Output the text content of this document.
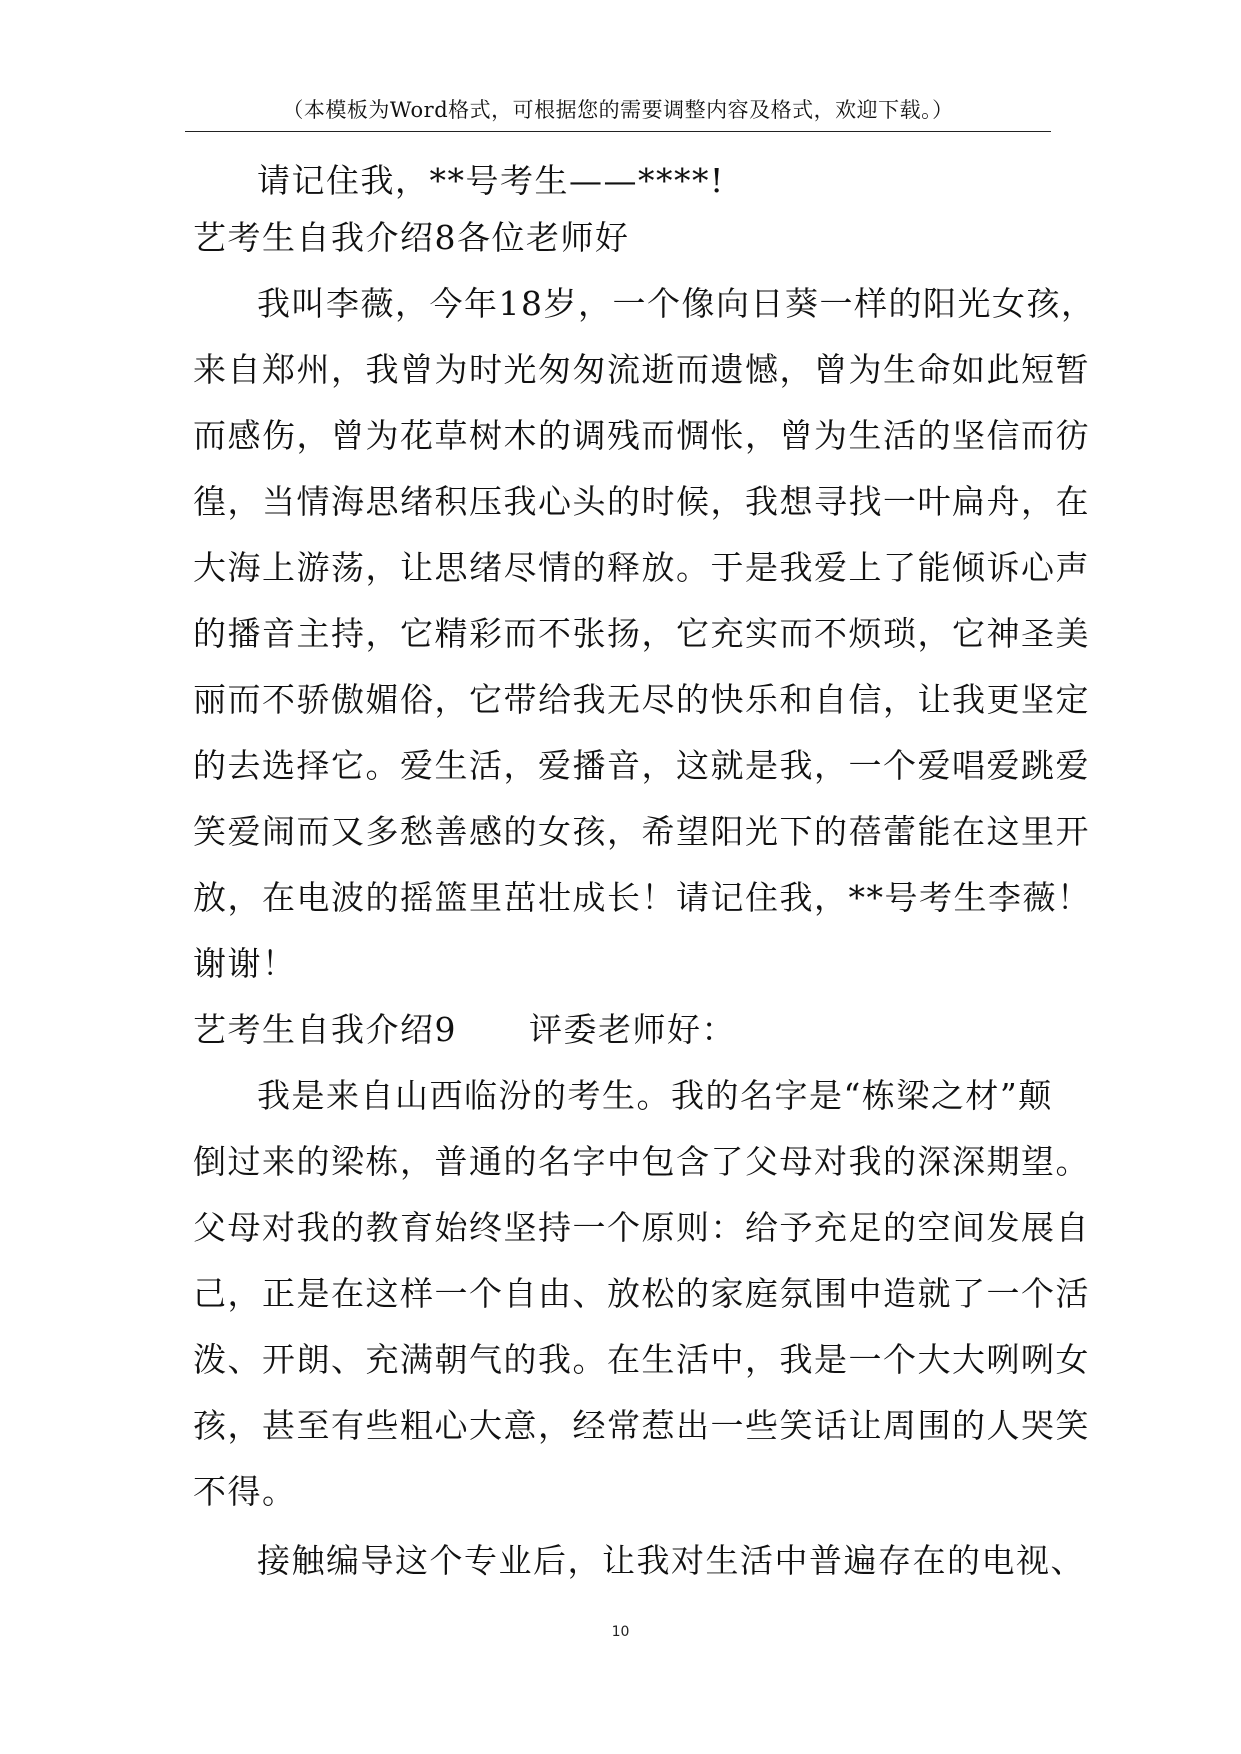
（本模板为Word格式，可根据您的需要调整内容及格式，欢迎下载。）
请记住我，**号考生——****!
艺考生自我介绍8各位老师好
我叫李薇，今年18岁，一个像向日葵一样的阳光女孩，
来自郑州，我曾为时光匆匆流逝而遗憾，曾为生命如此短暂
而感伤，曾为花草树木的调残而惆怅，曾为生活的坚信而彷
徨，当情海思绪积压我心头的时候，我想寻找一叶扁舟，在
大海上游荡，让思绪尽情的释放。于是我爱上了能倾诉心声
的播音主持，它精彩而不张扬，它充实而不烦琐，它神圣美
丽而不骄傲媚俗，它带给我无尽的快乐和自信，让我更坚定
的去选择它。爱生活，爱播音，这就是我，一个爱唱爱跳爱
笑爱闹而又多愁善感的女孩，希望阳光下的蓓蕾能在这里开
放，在电波的摇篮里茁壮成长！请记住我，**号考生李薇！
谢谢！
艺考生自我介绍9 评委老师好：
我是来自山西临汾的考生。我的名字是“栋梁之材”颠
倒过来的梁栋，普通的名字中包含了父母对我的深深期望。
父母对我的教育始终坚持一个原则：给予充足的空间发展自
己，正是在这样一个自由、放松的家庭氛围中造就了一个活
泼、开朗、充满朝气的我。在生活中，我是一个大大咧咧女
孩，甚至有些粗心大意，经常惹出一些笑话让周围的人哭笑
不得。
接触编导这个专业后，让我对生活中普遍存在的电视、
10
